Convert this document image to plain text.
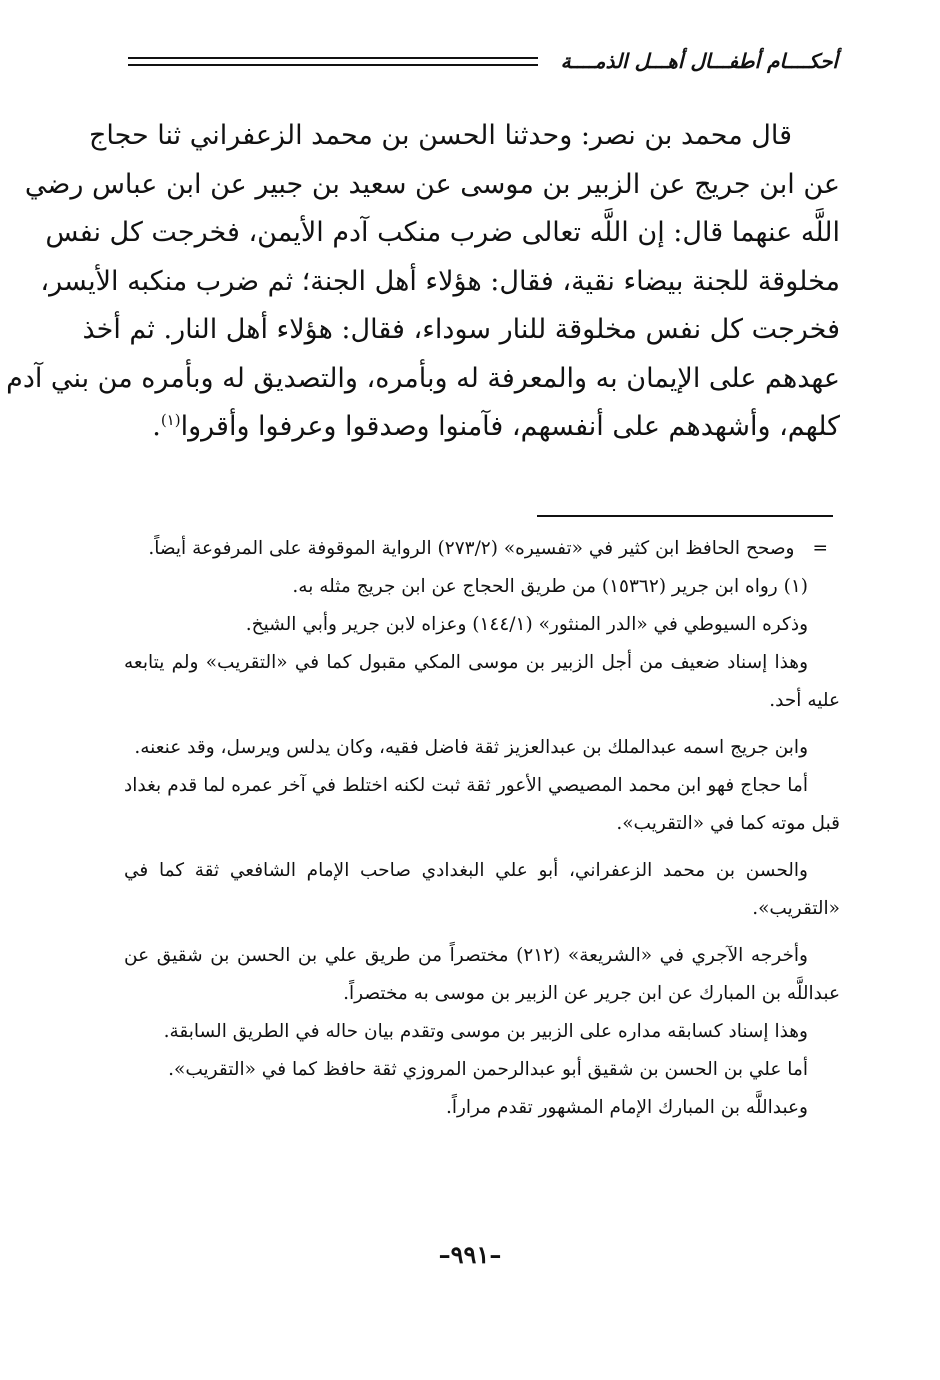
أحكــــام أطفـــال أهـــل الذمــــة
قال محمد بن نصر: وحدثنا الحسن بن محمد الزعفراني ثنا حجاج
عن ابن جريج عن الزبير بن موسى عن سعيد بن جبير عن ابن عباس رضي
اللَّه عنهما قال: إن اللَّه تعالى ضرب منكب آدم الأيمن، فخرجت كل نفس
مخلوقة للجنة بيضاء نقية، فقال: هؤلاء أهل الجنة؛ ثم ضرب منكبه الأيسر،
فخرجت كل نفس مخلوقة للنار سوداء، فقال: هؤلاء أهل النار. ثم أخذ
عهدهم على الإيمان به والمعرفة له وبأمره، والتصديق له وبأمره من بني آدم
كلهم، وأشهدهم على أنفسهم، فآمنوا وصدقوا وعرفوا وأقروا$^{(١)}$.
=وصحح الحافظ ابن كثير في «تفسيره» (٢٧٣/٢) الرواية الموقوفة على المرفوعة أيضاً.
(١) رواه ابن جرير (١٥٣٦٢) من طريق الحجاج عن ابن جريج مثله به.
وذكره السيوطي في «الدر المنثور» (١٤٤/١) وعزاه لابن جرير وأبي الشيخ.
وهذا إسناد ضعيف من أجل الزبير بن موسى المكي مقبول كما في «التقريب» ولم يتابعه
عليه أحد.
وابن جريج اسمه عبدالملك بن عبدالعزيز ثقة فاضل فقيه، وكان يدلس ويرسل، وقد عنعنه.
أما حجاج فهو ابن محمد المصيصي الأعور ثقة ثبت لكنه اختلط في آخر عمره لما قدم بغداد
قبل موته كما في «التقريب».
والحسن بن محمد الزعفراني، أبو علي البغدادي صاحب الإمام الشافعي ثقة كما في
«التقريب».
وأخرجه الآجري في «الشريعة» (٢١٢) مختصراً من طريق علي بن الحسن بن شقيق عن
عبداللَّه بن المبارك عن ابن جرير عن الزبير بن موسى به مختصراً.
وهذا إسناد كسابقه مداره على الزبير بن موسى وتقدم بيان حاله في الطريق السابقة.
أما علي بن الحسن بن شقيق أبو عبدالرحمن المروزي ثقة حافظ كما في «التقريب».
وعبداللَّه بن المبارك الإمام المشهور تقدم مراراً.
–٩٩١–
